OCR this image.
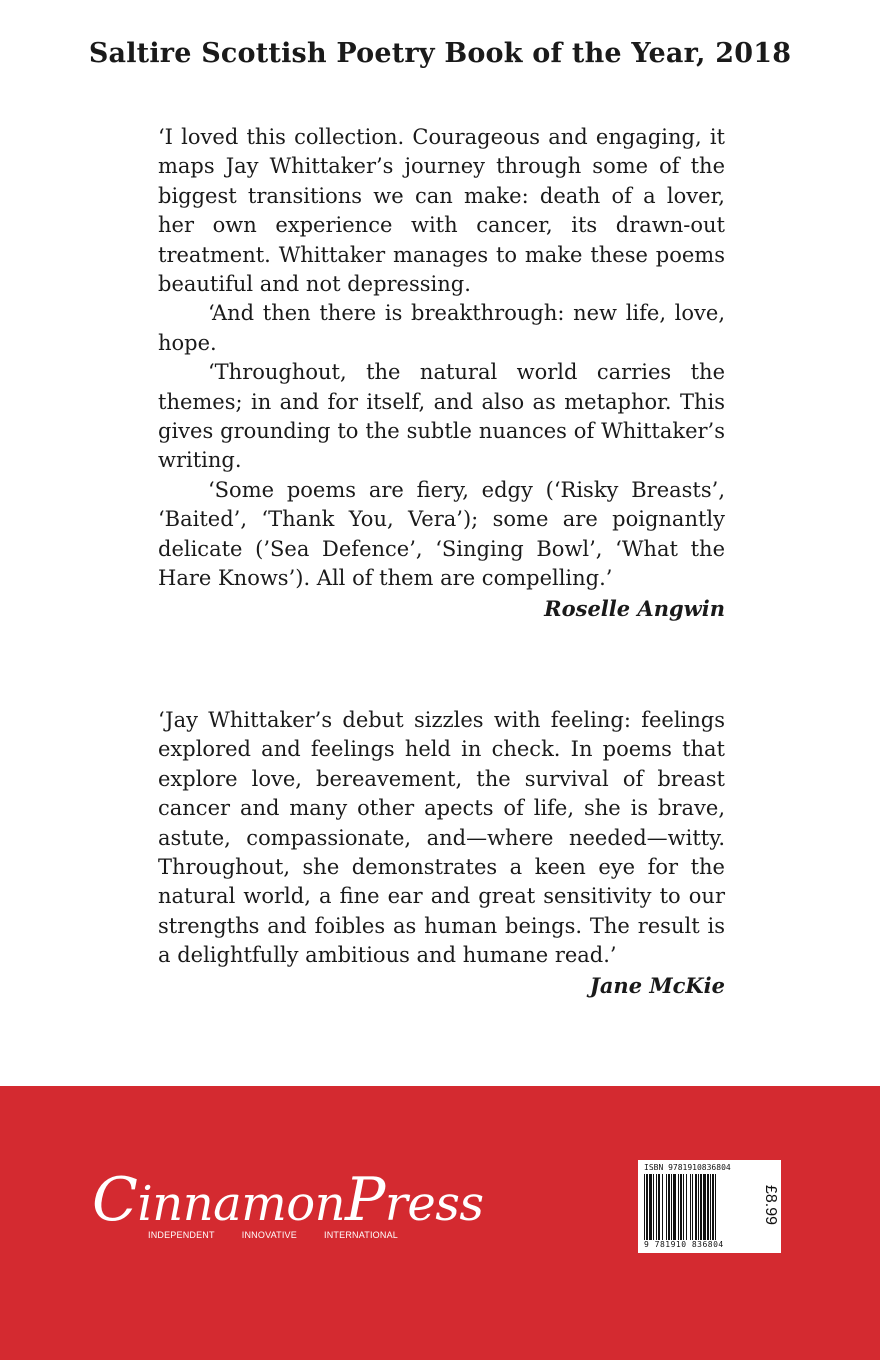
Saltire Scottish Poetry Book of the Year, 2018

‘I loved this collection. Courageous and engaging, it maps Jay Whittaker’s journey through some of the biggest transitions we can make: death of a lover, her own experience with cancer, its drawn-out treatment. Whittaker manages to make these poems beautiful and not depressing.

‘And then there is breakthrough: new life, love, hope.

‘Throughout, the natural world carries the themes; in and for itself, and also as metaphor. This gives grounding to the subtle nuances of Whittaker’s writing.

‘Some poems are fiery, edgy (‘Risky Breasts’, ‘Baited’, ‘Thank You, Vera’); some are poignantly delicate (’Sea Defence’, ‘Singing Bowl’, ‘What the Hare Knows’). All of them are compelling.’

Roselle Angwin

‘Jay Whittaker’s debut sizzles with feeling: feelings explored and feelings held in check. In poems that explore love, bereavement, the survival of breast cancer and many other apects of life, she is brave, astute, compassionate, and—where needed—witty. Throughout, she demonstrates a keen eye for the natural world, a fine ear and great sensitivity to our strengths and foibles as human beings. The result is a delightfully ambitious and humane read.’

Jane McKie
CinnamonPress
INDEPENDENT	INNOVATIVE	INTERNATIONAL
ISBN 9781910836804
9 781910 836804
£8.99
